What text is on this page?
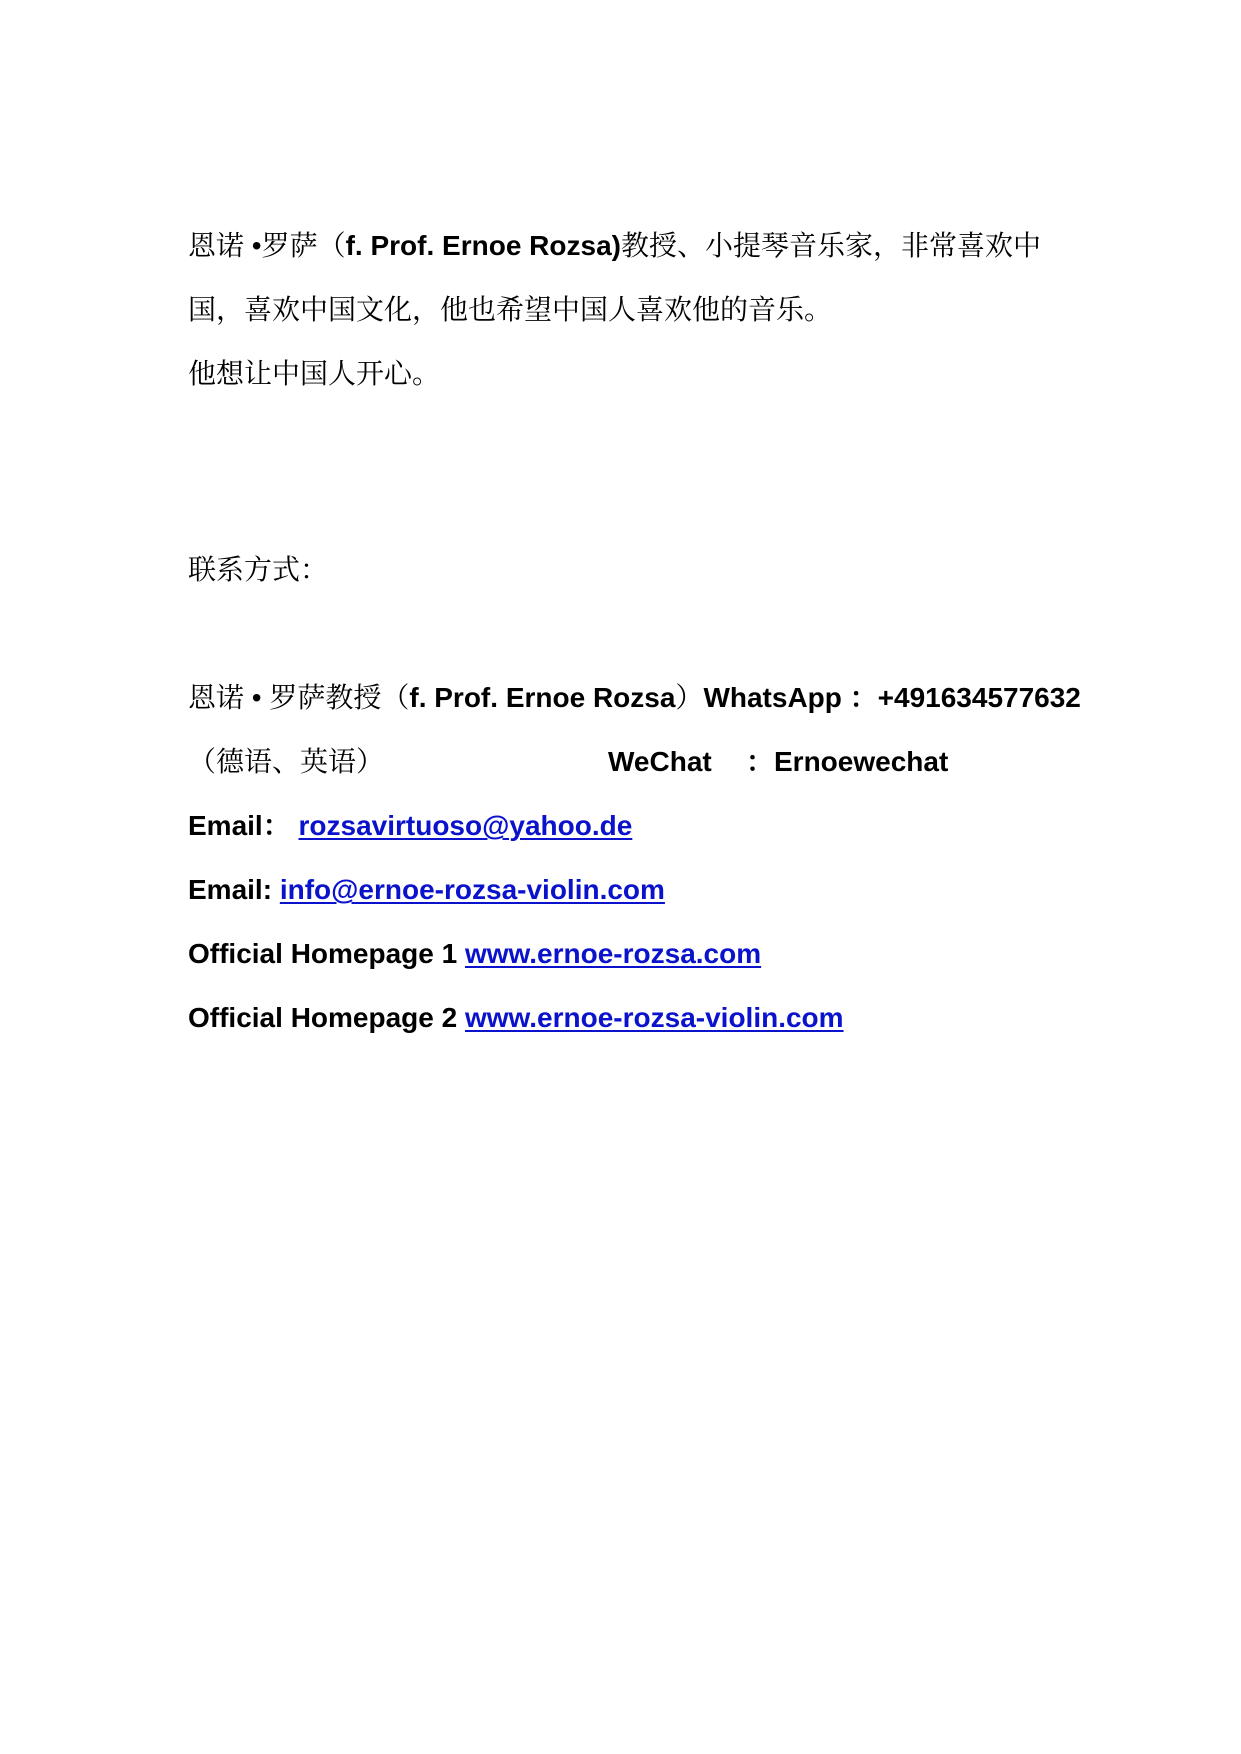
恩诺 •罗萨（f. Prof. Ernoe Rozsa)教授、小提琴音乐家，非常喜欢中
国，喜欢中国文化，他也希望中国人喜欢他的音乐。
他想让中国人开心。
联系方式：
恩诺 • 罗萨教授（f. Prof. Ernoe Rozsa）WhatsApp ：+491634577632
（德语、英语）	WeChat ： Ernoewechat
Email： rozsavirtuoso@yahoo.de
Email: info@ernoe-rozsa-violin.com
Official Homepage 1 www.ernoe-rozsa.com
Official Homepage 2 www.ernoe-rozsa-violin.com
